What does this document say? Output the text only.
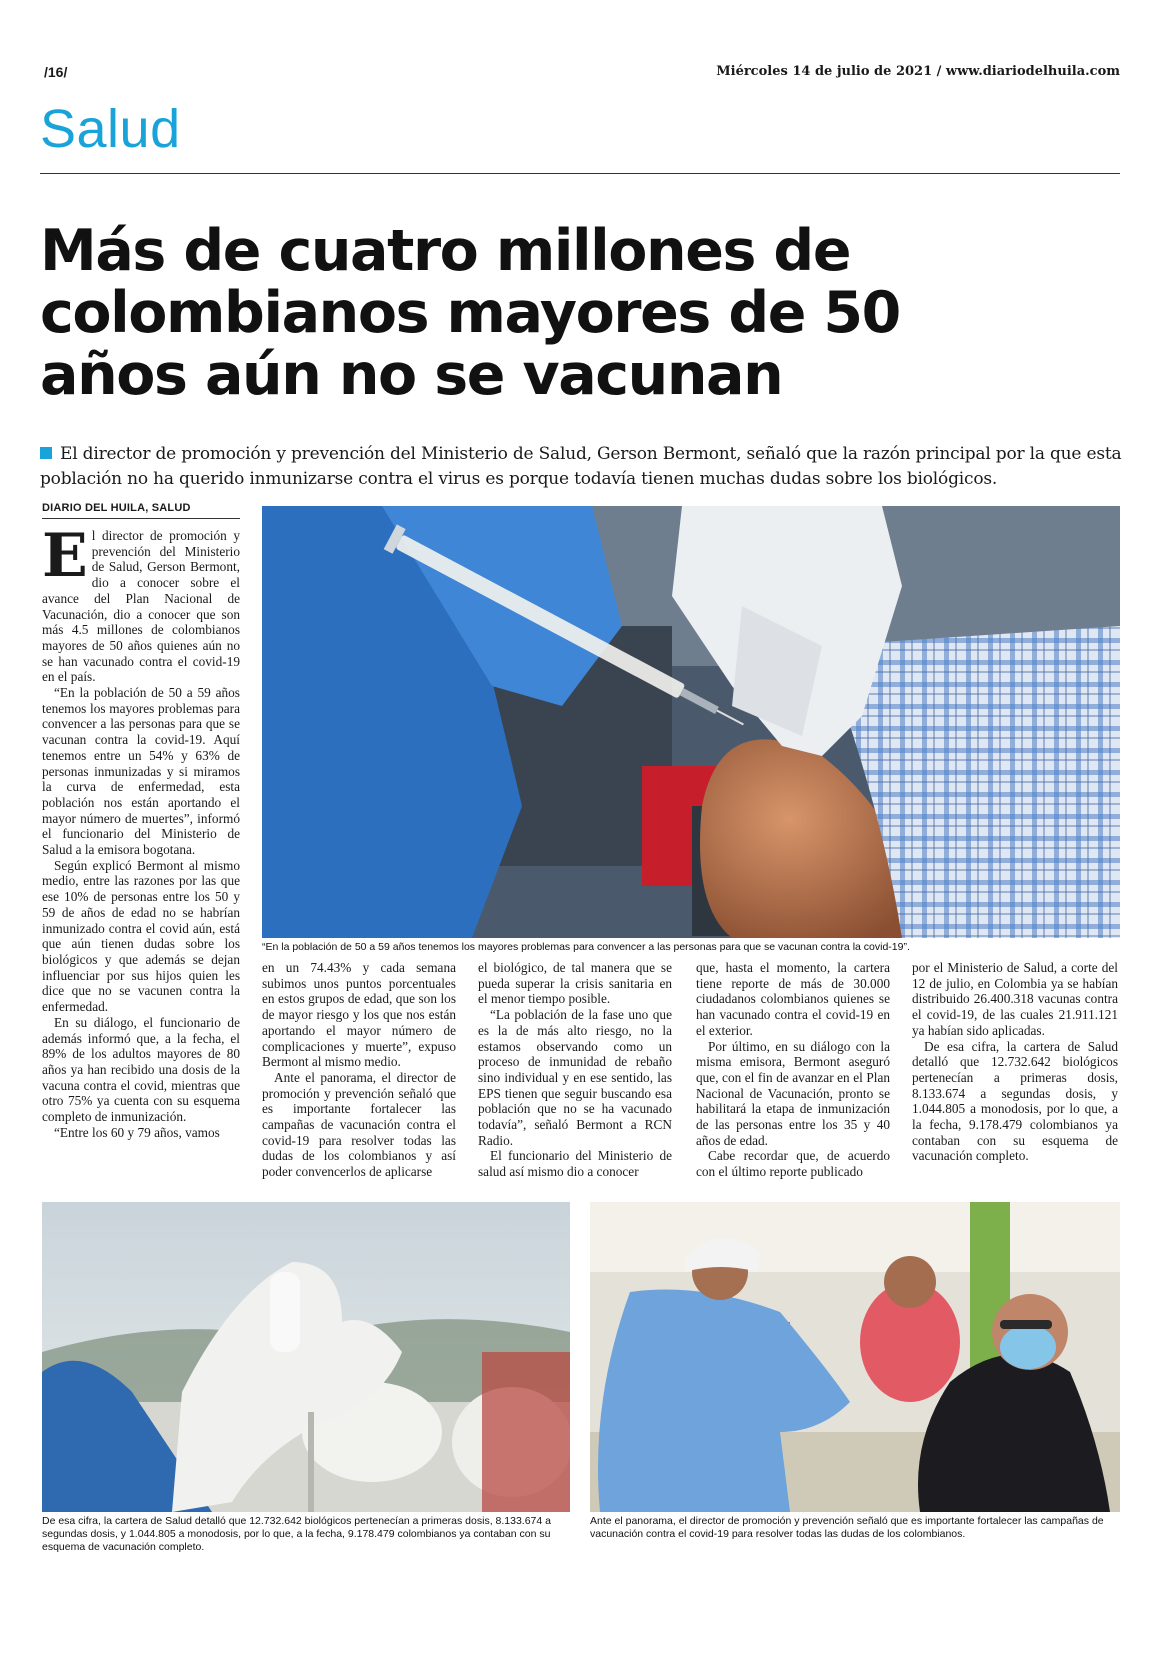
/16/	Miércoles 14 de julio de 2021 / www.diariodelhuila.com
Salud
Más de cuatro millones de
colombianos mayores de 50
años aún no se vacunan
El director de promoción y prevención del Ministerio de Salud, Gerson Bermont, señaló que la razón principal por la que esta población no ha querido inmunizarse contra el virus es porque todavía tienen muchas dudas sobre los biológicos.
DIARIO DEL HUILA, SALUD

El director de promoción y prevención del Ministerio de Salud, Gerson Bermont, dio a conocer sobre el avance del Plan Nacional de Vacunación, dio a conocer que son más 4.5 millones de colombianos mayores de 50 años quienes aún no se han vacunado contra el covid-19 en el país.

“En la población de 50 a 59 años tenemos los mayores problemas para convencer a las personas para que se vacunan contra la covid-19. Aquí tenemos entre un 54% y 63% de personas inmunizadas y si miramos la curva de enfermedad, esta población nos están aportando el mayor número de muertes”, informó el funcionario del Ministerio de Salud a la emisora bogotana.

Según explicó Bermont al mismo medio, entre las razones por las que ese 10% de personas entre los 50 y 59 de años de edad no se habrían inmunizado contra el covid aún, está que aún tienen dudas sobre los biológicos y que además se dejan influenciar por sus hijos quien les dice que no se vacunen contra la enfermedad.

En su diálogo, el funcionario de además informó que, a la fecha, el 89% de los adultos mayores de 80 años ya han recibido una dosis de la vacuna contra el covid, mientras que otro 75% ya cuenta con su esquema completo de inmunización.

“Entre los 60 y 79 años, vamos

“En la población de 50 a 59 años tenemos los mayores problemas para convencer a las personas para que se vacunan contra la covid-19”.

en un 74.43% y cada semana subimos unos puntos porcentuales en estos grupos de edad, que son los de mayor riesgo y los que nos están aportando el mayor número de complicaciones y muerte”, expuso Bermont al mismo medio.

Ante el panorama, el director de promoción y prevención señaló que es importante fortalecer las campañas de vacunación contra el covid-19 para resolver todas las dudas de los colombianos y así poder convencerlos de aplicarse

el biológico, de tal manera que se pueda superar la crisis sanitaria en el menor tiempo posible.

“La población de la fase uno que es la de más alto riesgo, no la estamos observando como un proceso de inmunidad de rebaño sino individual y en ese sentido, las EPS tienen que seguir buscando esa población que no se ha vacunado todavía”, señaló Bermont a RCN Radio.

El funcionario del Ministerio de salud así mismo dio a conocer

que, hasta el momento, la cartera tiene reporte de más de 30.000 ciudadanos colombianos quienes se han vacunado contra el covid-19 en el exterior.

Por último, en su diálogo con la misma emisora, Bermont aseguró que, con el fin de avanzar en el Plan Nacional de Vacunación, pronto se habilitará la etapa de inmunización de las personas entre los 35 y 40 años de edad.

Cabe recordar que, de acuerdo con el último reporte publicado

por el Ministerio de Salud, a corte del 12 de julio, en Colombia ya se habían distribuido 26.400.318 vacunas contra el covid-19, de las cuales 21.911.121 ya habían sido aplicadas.

De esa cifra, la cartera de Salud detalló que 12.732.642 biológicos pertenecían a primeras dosis, 8.133.674 a segundas dosis, y 1.044.805 a monodosis, por lo que, a la fecha, 9.178.479 colombianos ya contaban con su esquema de vacunación completo.

De esa cifra, la cartera de Salud detalló que 12.732.642 biológicos pertenecían a primeras dosis, 8.133.674 a segundas dosis, y 1.044.805 a monodosis, por lo que, a la fecha, 9.178.479 colombianos ya contaban con su esquema de vacunación completo.
Ante el panorama, el director de promoción y prevención señaló que es importante fortalecer las campañas de vacunación contra el covid-19 para resolver todas las dudas de los colombianos.
